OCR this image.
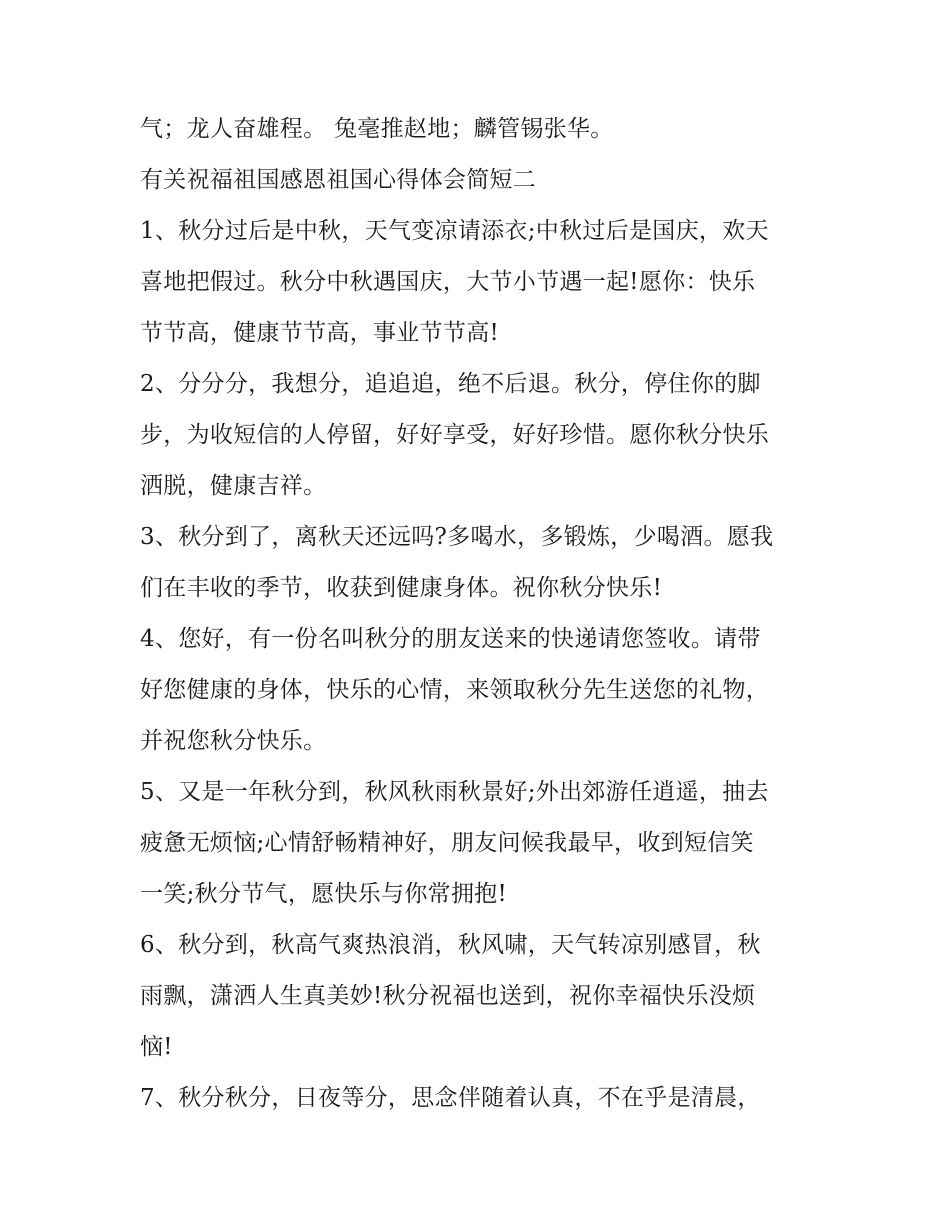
气；龙人奋雄程。 兔毫推赵地；麟管锡张华。
有关祝福祖国感恩祖国心得体会简短二
1、秋分过后是中秋，天气变凉请添衣;中秋过后是国庆，欢天
喜地把假过。秋分中秋遇国庆，大节小节遇一起!愿你：快乐
节节高，健康节节高，事业节节高!
2、分分分，我想分，追追追，绝不后退。秋分，停住你的脚
步，为收短信的人停留，好好享受，好好珍惜。愿你秋分快乐
洒脱，健康吉祥。
3、秋分到了，离秋天还远吗?多喝水，多锻炼，少喝酒。愿我
们在丰收的季节，收获到健康身体。祝你秋分快乐!
4、您好，有一份名叫秋分的朋友送来的快递请您签收。请带
好您健康的身体，快乐的心情，来领取秋分先生送您的礼物，
并祝您秋分快乐。
5、又是一年秋分到，秋风秋雨秋景好;外出郊游任逍遥，抽去
疲惫无烦恼;心情舒畅精神好，朋友问候我最早，收到短信笑
一笑;秋分节气，愿快乐与你常拥抱!
6、秋分到，秋高气爽热浪消，秋风啸，天气转凉别感冒，秋
雨飘，潇洒人生真美妙!秋分祝福也送到，祝你幸福快乐没烦
恼!
7、秋分秋分，日夜等分，思念伴随着认真，不在乎是清晨，
